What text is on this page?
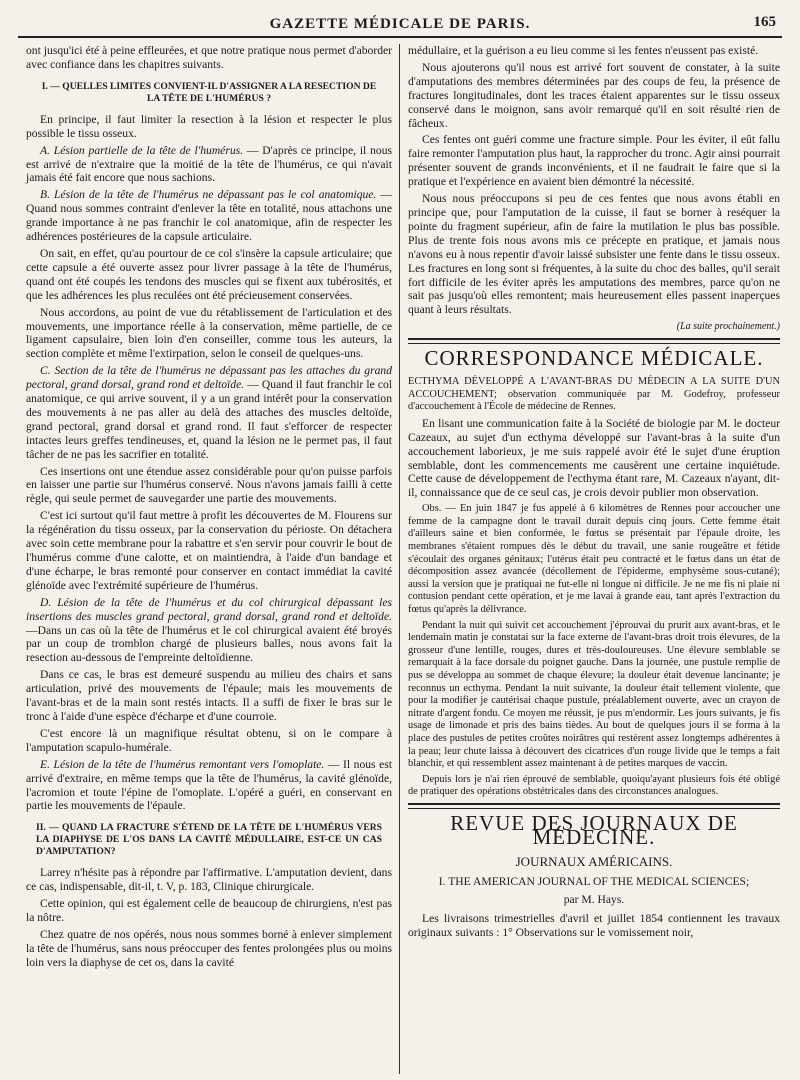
GAZETTE MÉDICALE DE PARIS.	165

ont jusqu'ici été à peine effleurées, et que notre pratique nous permet d'aborder avec confiance dans les chapitres suivants.

I. — QUELLES LIMITES CONVIENT-IL D'ASSIGNER A LA RESECTION DE LA TÊTE DE L'HUMÉRUS ?

En principe, il faut limiter la resection à la lésion et respecter le plus possible le tissu osseux.

A. Lésion partielle de la tête de l'humérus. — D'après ce principe, il nous est arrivé de n'extraire que la moitié de la tête de l'humérus, ce qui n'avait jamais été fait encore que nous sachions.

B. Lésion de la tête de l'humérus ne dépassant pas le col anatomique. — Quand nous sommes contraint d'enlever la tête en totalité, nous attachons une grande importance à ne pas franchir le col anatomique, afin de respecter les adhérences postérieures de la capsule articulaire.

On sait, en effet, qu'au pourtour de ce col s'insère la capsule articulaire; que cette capsule a été ouverte assez pour livrer passage à la tête de l'humérus, quand ont été coupés les tendons des muscles qui se fixent aux tubérosités, et que les adhérences les plus reculées ont été précieusement conservées.

Nous accordons, au point de vue du rétablissement de l'articulation et des mouvements, une importance réelle à la conservation, même partielle, de ce ligament capsulaire, bien loin d'en conseiller, comme tous les auteurs, la section complète et même l'extirpation, selon le conseil de quelques-uns.

C. Section de la tête de l'humérus ne dépassant pas les attaches du grand pectoral, grand dorsal, grand rond et deltoïde. — Quand il faut franchir le col anatomique, ce qui arrive souvent, il y a un grand intérêt pour la conservation des mouvements à ne pas aller au delà des attaches des muscles deltoïde, grand pectoral, grand dorsal et grand rond. Il faut s'efforcer de respecter intactes leurs greffes tendineuses, et, quand la lésion ne le permet pas, il faut tâcher de ne pas les sacrifier en totalité.

Ces insertions ont une étendue assez considérable pour qu'on puisse parfois en laisser une partie sur l'humérus conservé. Nous n'avons jamais failli à cette règle, qui seule permet de sauvegarder une partie des mouvements.

C'est ici surtout qu'il faut mettre à profit les découvertes de M. Flourens sur la régénération du tissu osseux, par la conservation du périoste. On détachera avec soin cette membrane pour la rabattre et s'en servir pour couvrir le bout de l'humérus comme d'une calotte, et on maintiendra, à l'aide d'un bandage et d'une écharpe, le bras remonté pour conserver en contact immédiat la cavité glénoïde avec l'extrémité supérieure de l'humérus.

D. Lésion de la tête de l'humérus et du col chirurgical dépassant les insertions des muscles grand pectoral, grand dorsal, grand rond et deltoïde. —Dans un cas où la tête de l'humérus et le col chirurgical avaient été broyés par un coup de tromblon chargé de plusieurs balles, nous avons fait la resection au-dessous de l'empreinte deltoïdienne.

Dans ce cas, le bras est demeuré suspendu au milieu des chairs et sans articulation, privé des mouvements de l'épaule; mais les mouvements de l'avant-bras et de la main sont restés intacts. Il a suffi de fixer le bras sur le tronc à l'aide d'une espèce d'écharpe et d'une courroie.

C'est encore là un magnifique résultat obtenu, si on le compare à l'amputation scapulo-humérale.

E. Lésion de la tête de l'humérus remontant vers l'omoplate. — Il nous est arrivé d'extraire, en même temps que la tête de l'humérus, la cavité glénoïde, l'acromion et toute l'épine de l'omoplate. L'opéré a guéri, en conservant en partie les mouvements de l'épaule.

II. — QUAND LA FRACTURE S'ÉTEND DE LA TÊTE DE L'HUMÉRUS VERS LA DIAPHYSE DE L'OS DANS LA CAVITÉ MÉDULLAIRE, EST-CE UN CAS D'AMPUTATION?

Larrey n'hésite pas à répondre par l'affirmative. L'amputation devient, dans ce cas, indispensable, dit-il, t. V, p. 183, Clinique chirurgicale.

Cette opinion, qui est également celle de beaucoup de chirurgiens, n'est pas la nôtre.

Chez quatre de nos opérés, nous nous sommes borné à enlever simplement la tête de l'humérus, sans nous préoccuper des fentes prolongées plus ou moins loin vers la diaphyse de cet os, dans la cavité

médullaire, et la guérison a eu lieu comme si les fentes n'eussent pas existé.

Nous ajouterons qu'il nous est arrivé fort souvent de constater, à la suite d'amputations des membres déterminées par des coups de feu, la présence de fractures longitudinales, dont les traces étaient apparentes sur le tissu osseux conservé dans le moignon, sans avoir remarqué qu'il en soit résulté rien de fâcheux.

Ces fentes ont guéri comme une fracture simple. Pour les éviter, il eût fallu faire remonter l'amputation plus haut, la rapprocher du tronc. Agir ainsi pourrait présenter souvent de grands inconvénients, et il ne faudrait le faire que si la pratique et l'expérience en avaient bien démontré la nécessité.

Nous nous préoccupons si peu de ces fentes que nous avons établi en principe que, pour l'amputation de la cuisse, il faut se borner à reséquer la pointe du fragment supérieur, afin de faire la mutilation le plus bas possible. Plus de trente fois nous avons mis ce précepte en pratique, et jamais nous n'avons eu à nous repentir d'avoir laissé subsister une fente dans le tissu osseux. Les fractures en long sont si fréquentes, à la suite du choc des balles, qu'il serait fort difficile de les éviter après les amputations des membres, parce qu'on ne sait pas jusqu'où elles remontent; mais heureusement elles passent inaperçues quant à leurs résultats.

(La suite prochainement.)
CORRESPONDANCE MÉDICALE.

ECTHYMA DÉVELOPPÉ A L'AVANT-BRAS DU MÉDECIN A LA SUITE D'UN ACCOUCHEMENT; observation communiquée par M. Godefroy, professeur d'accouchement à l'École de médecine de Rennes.

En lisant une communication faite à la Société de biologie par M. le docteur Cazeaux, au sujet d'un ecthyma développé sur l'avant-bras à la suite d'un accouchement laborieux, je me suis rappelé avoir été le sujet d'une éruption semblable, dont les commencements me causèrent une certaine inquiétude. Cette cause de développement de l'ecthyma étant rare, M. Cazeaux n'ayant, dit-il, connaissance que de ce seul cas, je crois devoir publier mon observation.

Obs. — En juin 1847 je fus appelé à 6 kilomètres de Rennes pour accoucher une femme de la campagne dont le travail durait depuis cinq jours. Cette femme était d'ailleurs saine et bien conformée, le fœtus se présentait par l'épaule droite, les membranes s'étaient rompues dès le début du travail, une sanie rougeâtre et fétide s'écoulait des organes génitaux; l'utérus était peu contracté et le fœtus dans un état de décomposition assez avancée (décollement de l'épiderme, emphysème sous-cutané); aussi la version que je pratiquai ne fut-elle ni longue ni difficile. Je ne me fis ni plaie ni contusion pendant cette opération, et je me lavai à grande eau, tant après l'extraction du fœtus qu'après la délivrance.

Pendant la nuit qui suivit cet accouchement j'éprouvai du prurit aux avant-bras, et le lendemain matin je constatai sur la face externe de l'avant-bras droit trois élevures, de la grosseur d'une lentille, rouges, dures et très-douloureuses. Une élevure semblable se remarquait à la face dorsale du poignet gauche. Dans la journée, une pustule remplie de pus se développa au sommet de chaque élevure; la douleur était devenue lancinante; je reconnus un ecthyma. Pendant la nuit suivante, la douleur était tellement violente, que pour la modifier je cautérisai chaque pustule, préalablement ouverte, avec un crayon de nitrate d'argent fondu. Ce moyen me réussit, je pus m'endormir. Les jours suivants, je fis usage de limonade et pris des bains tièdes. Au bout de quelques jours il se forma à la place des pustules de petites croûtes noirâtres qui restèrent assez longtemps adhérentes à la peau; leur chute laissa à découvert des cicatrices d'un rouge livide que le temps a fait blanchir, et qui ressemblent assez maintenant à de petites marques de vaccin.

Depuis lors je n'ai rien éprouvé de semblable, quoiqu'ayant plusieurs fois été obligé de pratiquer des opérations obstétricales dans des circonstances analogues.

REVUE DES JOURNAUX DE MÉDECINE.
JOURNAUX AMÉRICAINS.
I. THE AMERICAN JOURNAL OF THE MEDICAL SCIENCES;
par M. Hays.

Les livraisons trimestrielles d'avril et juillet 1854 contiennent les travaux originaux suivants : 1° Observations sur le vomissement noir,
